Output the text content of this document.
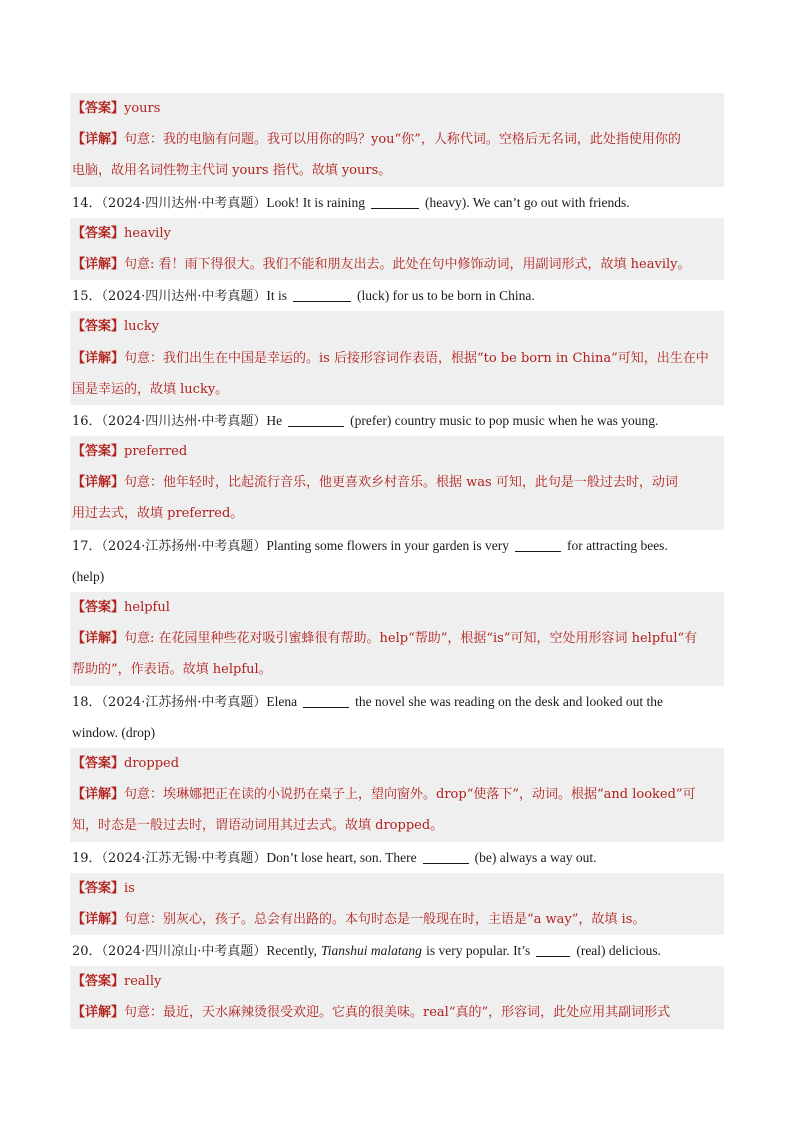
【答案】yours
【详解】句意：我的电脑有问题。我可以用你的吗？you“你”，人称代词。空格后无名词，此处指使用你的
电脑，故用名词性物主代词 yours 指代。故填 yours。
14．（2024·四川达州·中考真题）Look! It is raining	(heavy). We can’t go out with friends.
【答案】heavily
【详解】句意: 看！雨下得很大。我们不能和朋友出去。此处在句中修饰动词，用副词形式，故填 heavily。
15．（2024·四川达州·中考真题）It is	(luck) for us to be born in China.
【答案】lucky
【详解】句意：我们出生在中国是幸运的。is 后接形容词作表语，根据“to be born in China”可知，出生在中
国是幸运的，故填 lucky。
16．（2024·四川达州·中考真题）He	(prefer) country music to pop music when he was young.
【答案】preferred
【详解】句意：他年轻时，比起流行音乐，他更喜欢乡村音乐。根据 was 可知，此句是一般过去时，动词
用过去式，故填 preferred。
17．（2024·江苏扬州·中考真题）Planting some flowers in your garden is very	for attracting bees.
(help)
【答案】helpful
【详解】句意: 在花园里种些花对吸引蜜蜂很有帮助。help“帮助”，根据“is”可知，空处用形容词 helpful“有
帮助的”，作表语。故填 helpful。
18．（2024·江苏扬州·中考真题）Elena	the novel she was reading on the desk and looked out the
window. (drop)
【答案】dropped
【详解】句意：埃琳娜把正在读的小说扔在桌子上，望向窗外。drop“使落下”，动词。根据“and looked”可
知，时态是一般过去时，谓语动词用其过去式。故填 dropped。
19．（2024·江苏无锡·中考真题）Don’t lose heart, son. There	(be) always a way out.
【答案】is
【详解】句意：别灰心，孩子。总会有出路的。本句时态是一般现在时，主语是“a way”，故填 is。
20．（2024·四川凉山·中考真题）Recently, Tianshui malatang is very popular. It’s	(real) delicious.
【答案】really
【详解】句意：最近，天水麻辣烫很受欢迎。它真的很美味。real“真的”，形容词，此处应用其副词形式
